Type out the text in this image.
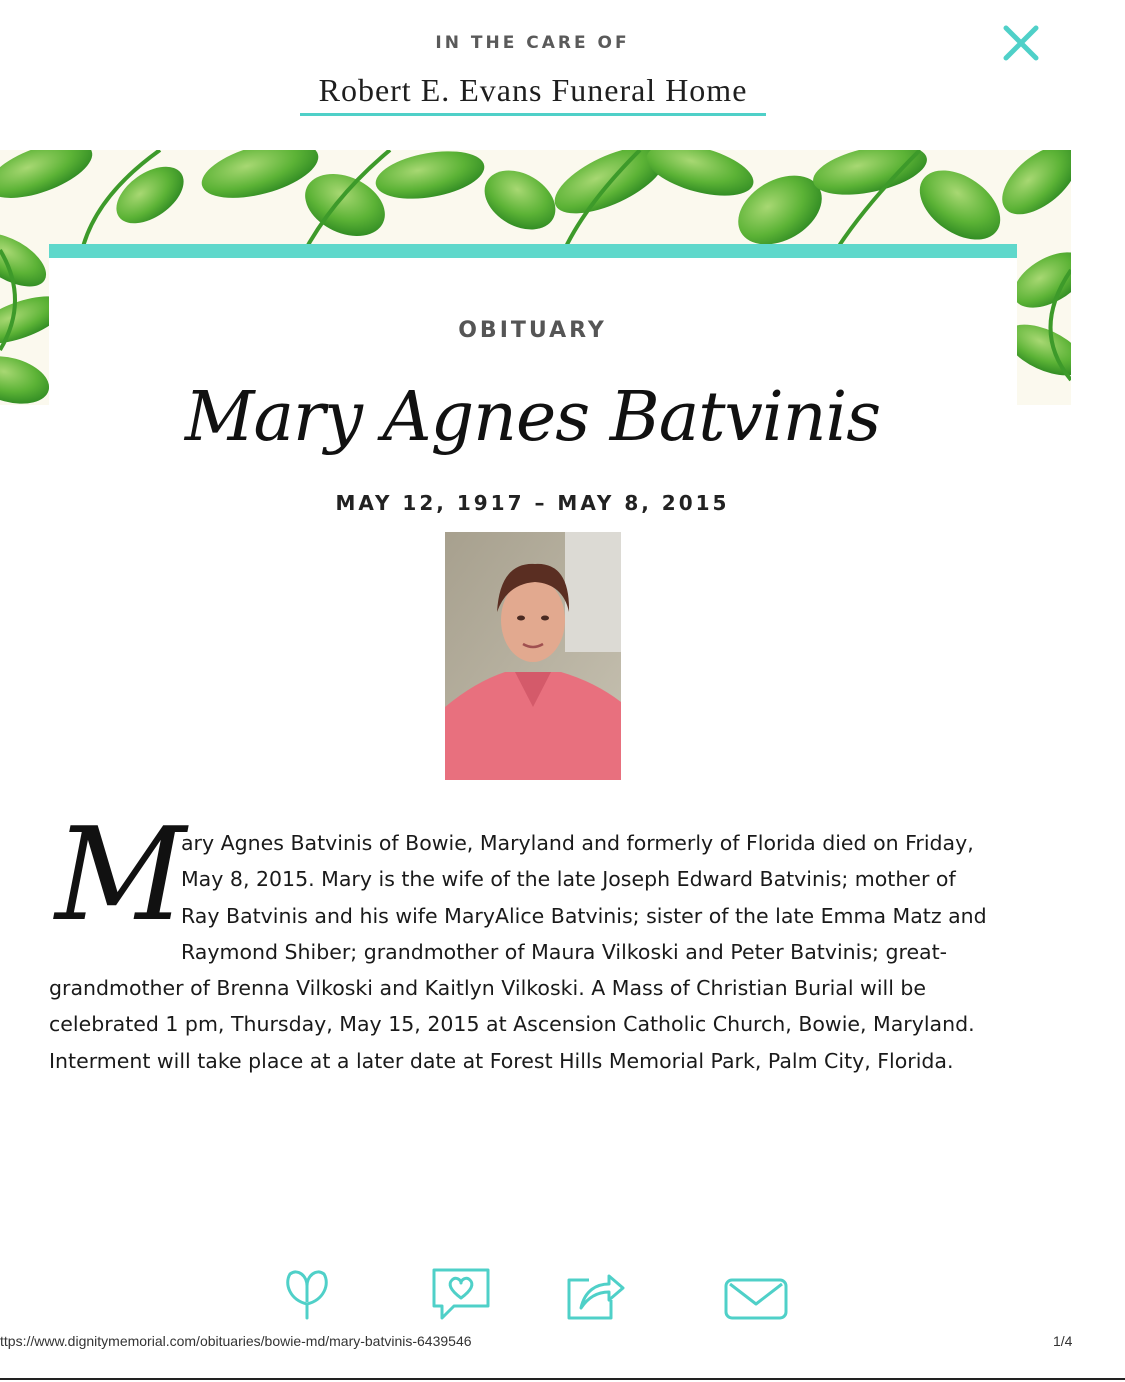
IN THE CARE OF
Robert E. Evans Funeral Home
OBITUARY
Mary Agnes Batvinis
MAY 12, 1917 – MAY 8, 2015
M
ary Agnes Batvinis of Bowie, Maryland and formerly of Florida died on Friday,
May 8, 2015. Mary is the wife of the late Joseph Edward Batvinis; mother of
Ray Batvinis and his wife MaryAlice Batvinis; sister of the late Emma Matz and
Raymond Shiber; grandmother of Maura Vilkoski and Peter Batvinis; great-
grandmother of Brenna Vilkoski and Kaitlyn Vilkoski. A Mass of Christian Burial will be
celebrated 1 pm, Thursday, May 15, 2015 at Ascension Catholic Church, Bowie, Maryland.
Interment will take place at a later date at Forest Hills Memorial Park, Palm City, Florida.
ttps://www.dignitymemorial.com/obituaries/bowie-md/mary-batvinis-6439546	1/4
